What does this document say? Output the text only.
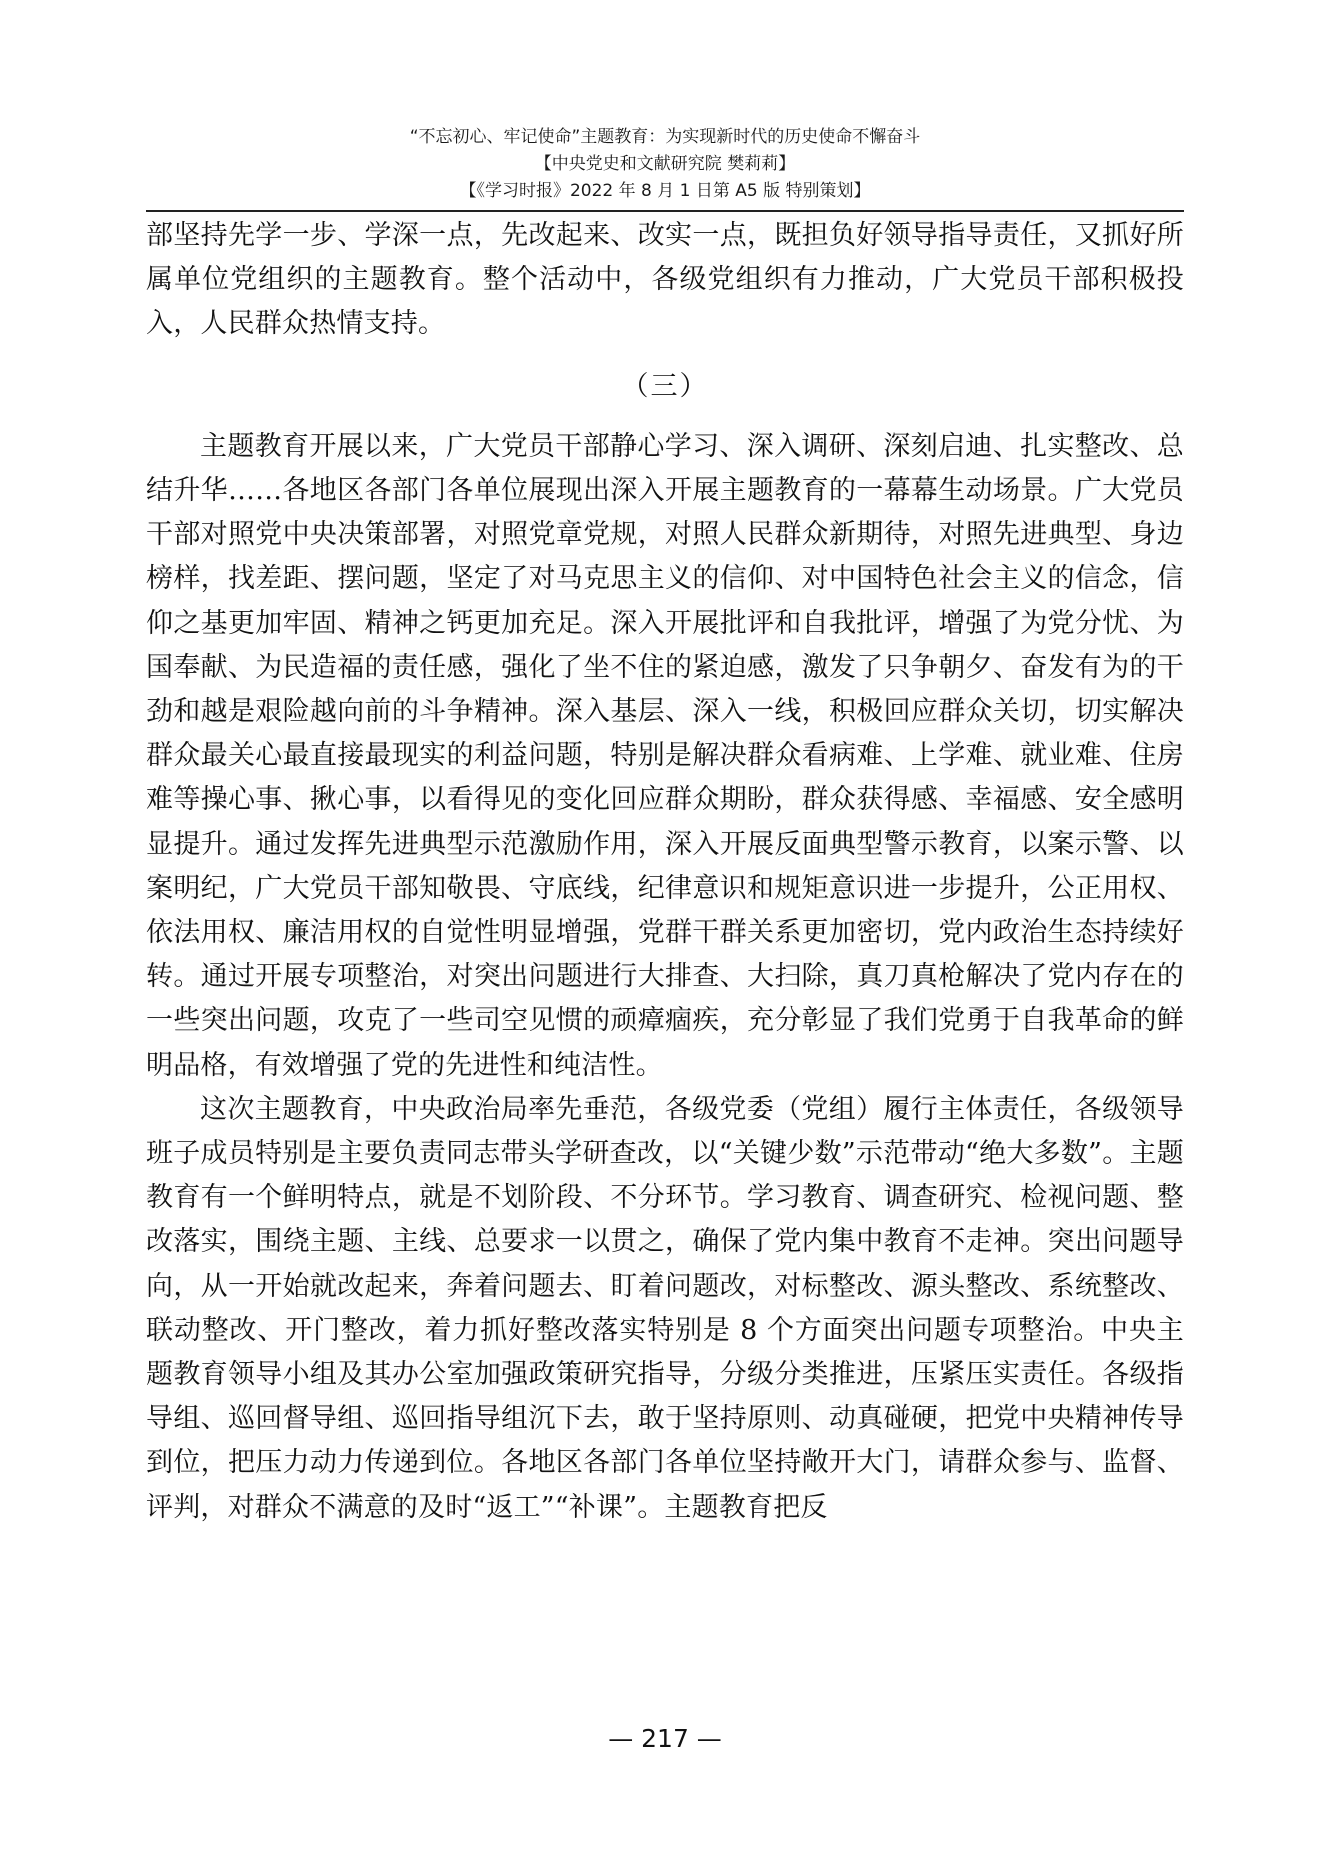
“不忘初心、牢记使命”主题教育：为实现新时代的历史使命不懈奋斗
【中央党史和文献研究院 樊莉莉】
【《学习时报》2022 年 8 月 1 日第 A5 版 特别策划】

部坚持先学一步、学深一点，先改起来、改实一点，既担负好领导指导责任，又抓好所属单位党组织的主题教育。整个活动中，各级党组织有力推动，广大党员干部积极投入，人民群众热情支持。

（三）

主题教育开展以来，广大党员干部静心学习、深入调研、深刻启迪、扎实整改、总结升华……各地区各部门各单位展现出深入开展主题教育的一幕幕生动场景。广大党员干部对照党中央决策部署，对照党章党规，对照人民群众新期待，对照先进典型、身边榜样，找差距、摆问题，坚定了对马克思主义的信仰、对中国特色社会主义的信念，信仰之基更加牢固、精神之钙更加充足。深入开展批评和自我批评，增强了为党分忧、为国奉献、为民造福的责任感，强化了坐不住的紧迫感，激发了只争朝夕、奋发有为的干劲和越是艰险越向前的斗争精神。深入基层、深入一线，积极回应群众关切，切实解决群众最关心最直接最现实的利益问题，特别是解决群众看病难、上学难、就业难、住房难等操心事、揪心事，以看得见的变化回应群众期盼，群众获得感、幸福感、安全感明显提升。通过发挥先进典型示范激励作用，深入开展反面典型警示教育，以案示警、以案明纪，广大党员干部知敬畏、守底线，纪律意识和规矩意识进一步提升，公正用权、依法用权、廉洁用权的自觉性明显增强，党群干群关系更加密切，党内政治生态持续好转。通过开展专项整治，对突出问题进行大排查、大扫除，真刀真枪解决了党内存在的一些突出问题，攻克了一些司空见惯的顽瘴痼疾，充分彰显了我们党勇于自我革命的鲜明品格，有效增强了党的先进性和纯洁性。

这次主题教育，中央政治局率先垂范，各级党委（党组）履行主体责任，各级领导班子成员特别是主要负责同志带头学研查改，以“关键少数”示范带动“绝大多数”。主题教育有一个鲜明特点，就是不划阶段、不分环节。学习教育、调查研究、检视问题、整改落实，围绕主题、主线、总要求一以贯之，确保了党内集中教育不走神。突出问题导向，从一开始就改起来，奔着问题去、盯着问题改，对标整改、源头整改、系统整改、联动整改、开门整改，着力抓好整改落实特别是 8 个方面突出问题专项整治。中央主题教育领导小组及其办公室加强政策研究指导，分级分类推进，压紧压实责任。各级指导组、巡回督导组、巡回指导组沉下去，敢于坚持原则、动真碰硬，把党中央精神传导到位，把压力动力传递到位。各地区各部门各单位坚持敞开大门，请群众参与、监督、评判，对群众不满意的及时“返工”“补课”。主题教育把反

— 217 —
